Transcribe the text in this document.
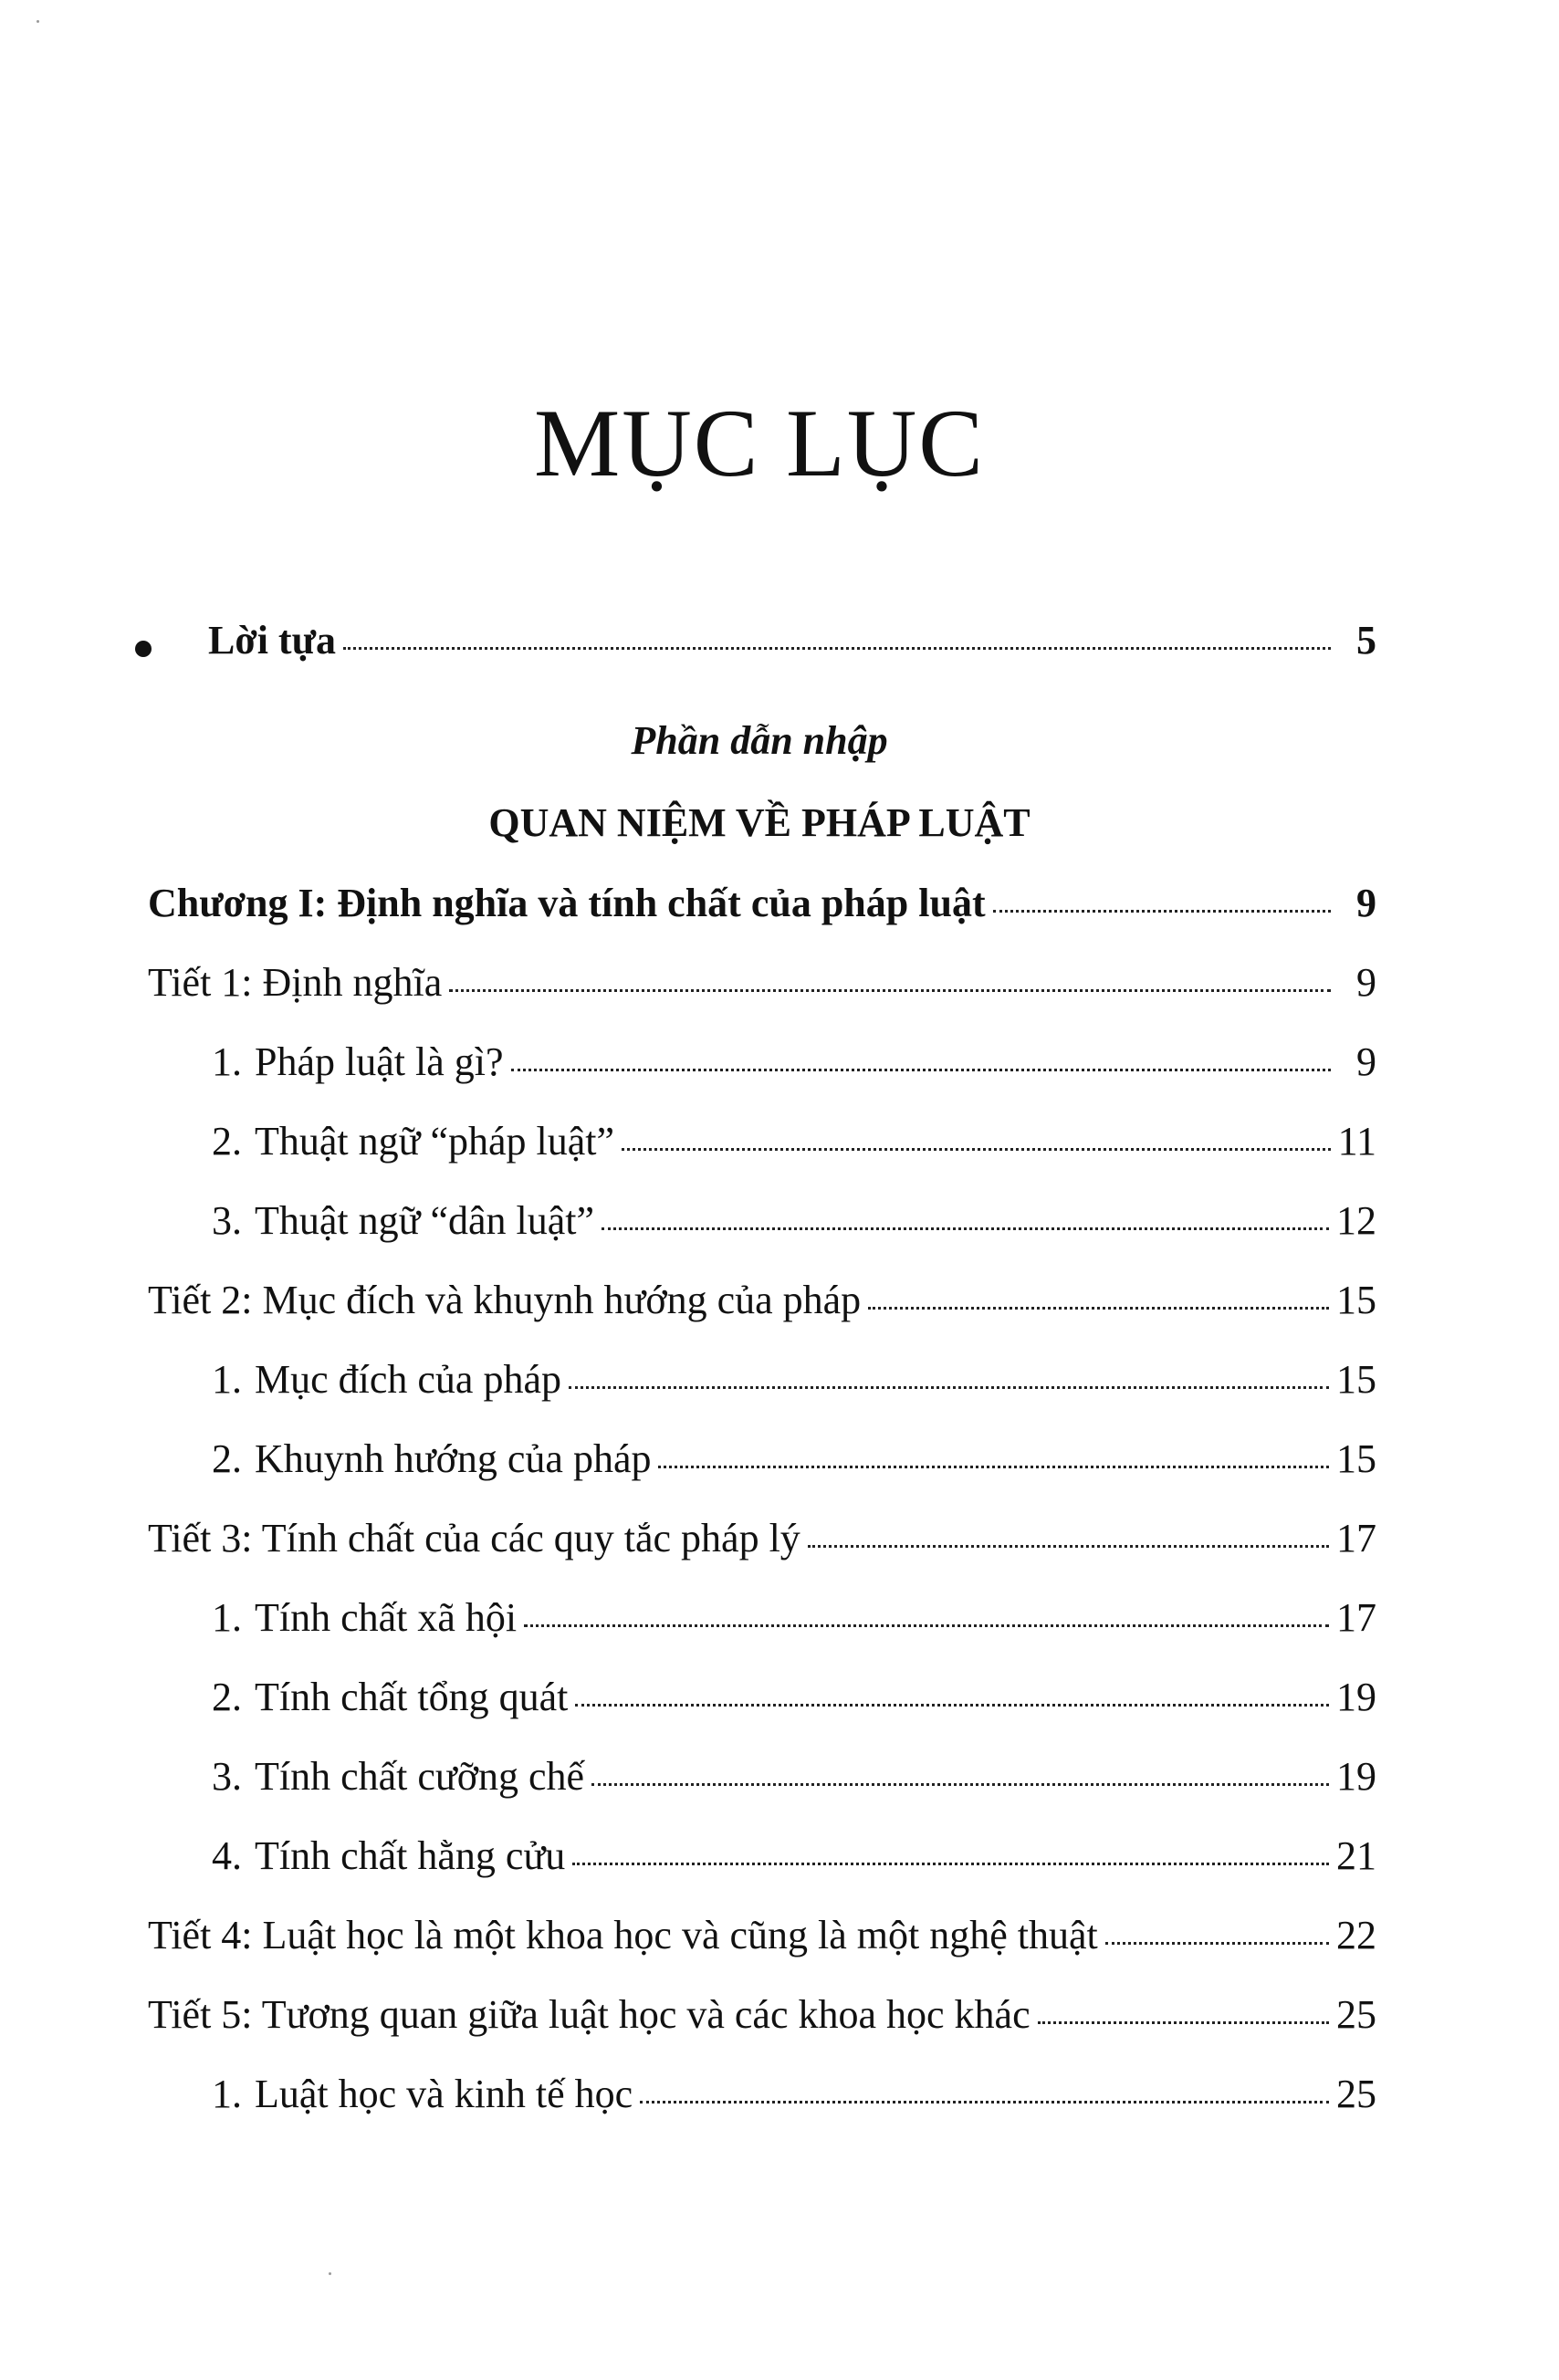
MỤC LỤC
Lời tựa	5
Phần dẫn nhập
QUAN NIỆM VỀ PHÁP LUẬT
Chương I: Định nghĩa và tính chất của pháp luật	9
Tiết 1: Định nghĩa	9
1. Pháp luật là gì?	9
2. Thuật ngữ “pháp luật”	11
3. Thuật ngữ “dân luật”	12
Tiết 2: Mục đích và khuynh hướng của pháp	15
1. Mục đích của pháp	15
2. Khuynh hướng của pháp	15
Tiết 3: Tính chất của các quy tắc pháp lý	17
1. Tính chất xã hội	17
2. Tính chất tổng quát	19
3. Tính chất cưỡng chế	19
4. Tính chất hằng cửu	21
Tiết 4: Luật học là một khoa học và cũng là một nghệ thuật	22
Tiết 5: Tương quan giữa luật học và các khoa học khác	25
1. Luật học và kinh tế học	25
